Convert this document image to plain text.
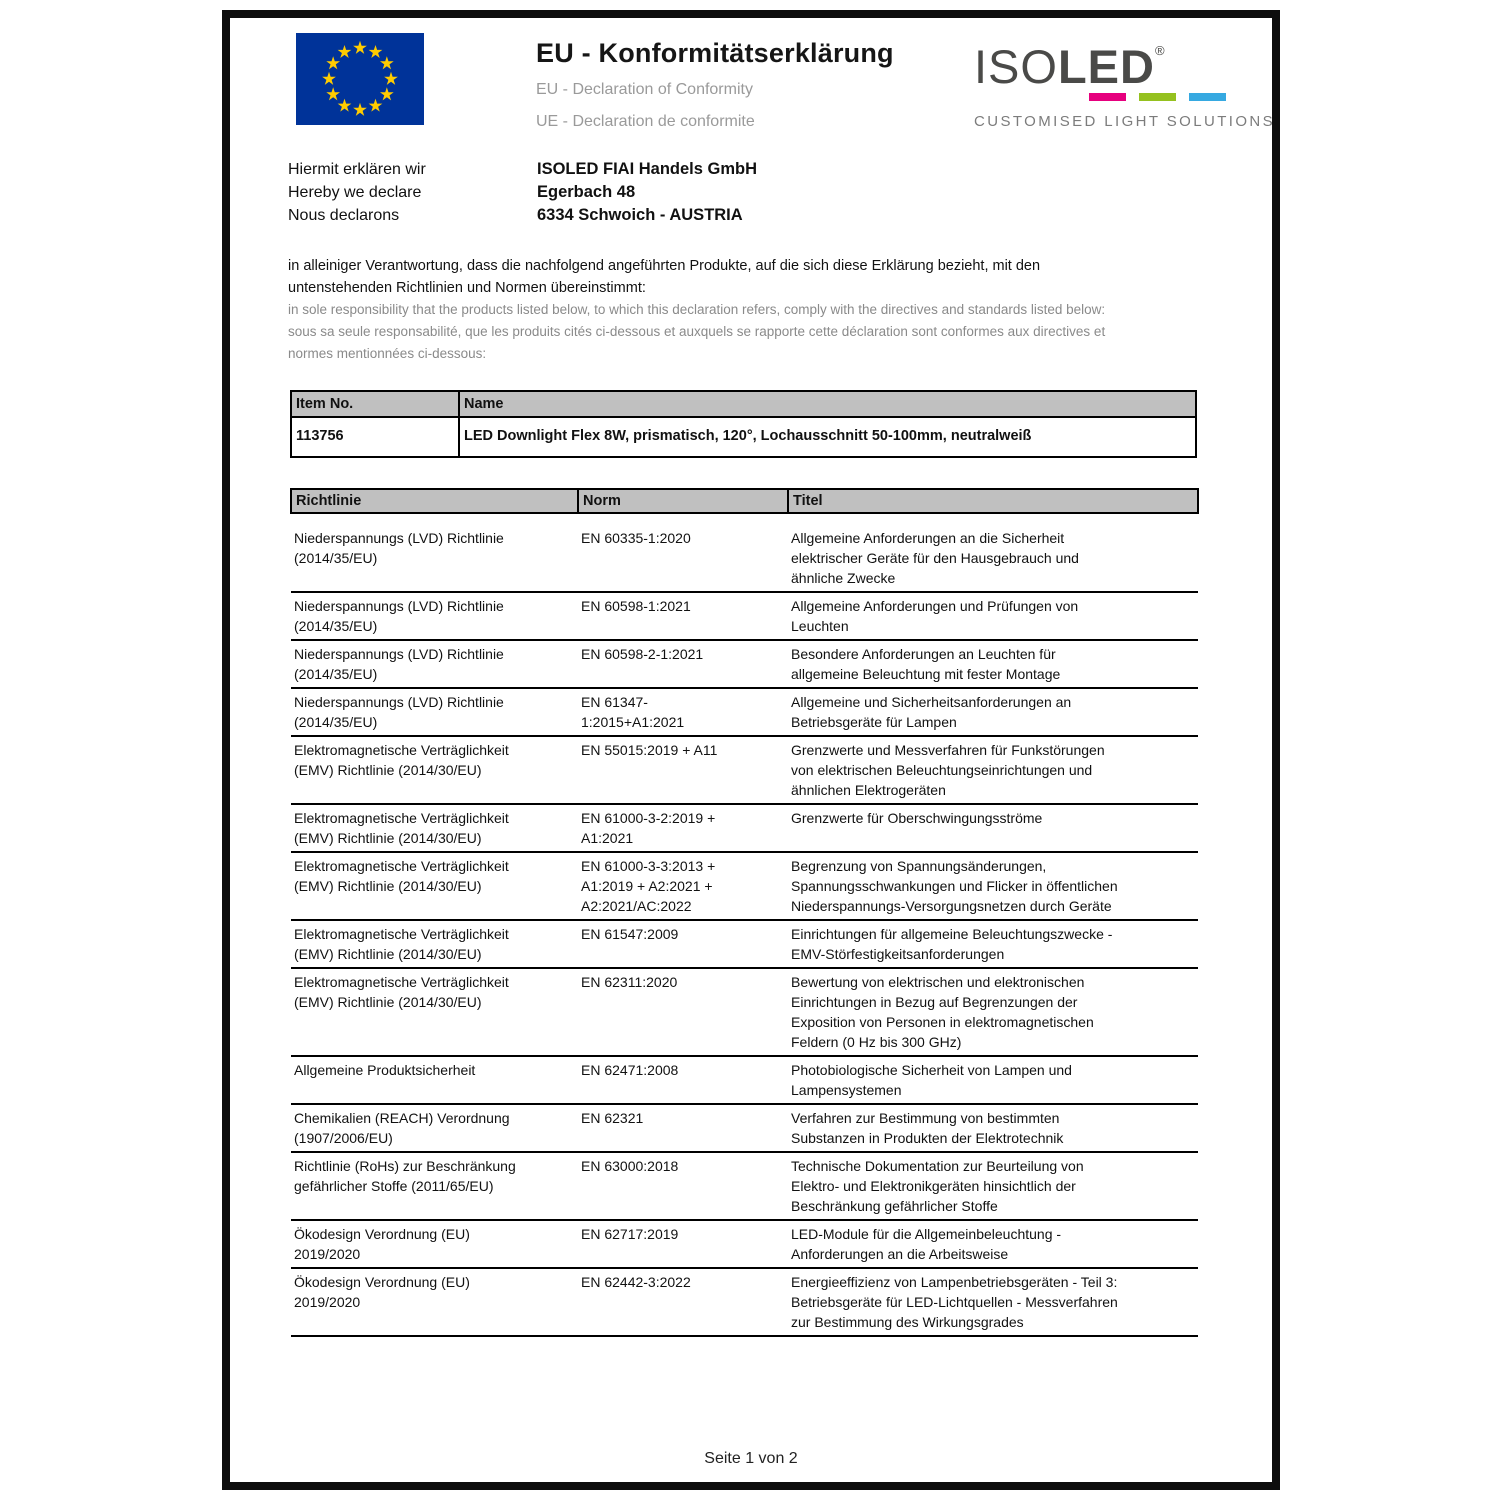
EU - Konformitätserklärung
EU - Declaration of Conformity
UE - Declaration de conformite
ISOLED®
CUSTOMISED LIGHT SOLUTIONS
Hiermit erklären wir
Hereby we declare
Nous declarons
ISOLED FIAI Handels GmbH
Egerbach 48
6334 Schwoich - AUSTRIA

in alleiniger Verantwortung, dass die nachfolgend angeführten Produkte, auf die sich diese Erklärung bezieht, mit den untenstehenden Richtlinien und Normen übereinstimmt:

in sole responsibility that the products listed below, to which this declaration refers, comply with the directives and standards listed below:

sous sa seule responsabilité, que les produits cités ci-dessous et auxquels se rapporte cette déclaration sont conformes aux directives et normes mentionnées ci-dessous:

Item No.	Name
113756	LED Downlight Flex 8W, prismatisch, 120°, Lochausschnitt 50-100mm, neutralweiß
Richtlinie	Norm	Titel
Niederspannungs (LVD) Richtlinie (2014/35/EU)	EN 60335-1:2020	Allgemeine Anforderungen an die Sicherheit elektrischer Geräte für den Hausgebrauch und ähnliche Zwecke
Niederspannungs (LVD) Richtlinie (2014/35/EU)	EN 60598-1:2021	Allgemeine Anforderungen und Prüfungen von Leuchten
Niederspannungs (LVD) Richtlinie (2014/35/EU)	EN 60598-2-1:2021	Besondere Anforderungen an Leuchten für allgemeine Beleuchtung mit fester Montage
Niederspannungs (LVD) Richtlinie (2014/35/EU)	EN 61347-1:2015+A1:2021	Allgemeine und Sicherheitsanforderungen an Betriebsgeräte für Lampen
Elektromagnetische Verträglichkeit (EMV) Richtlinie (2014/30/EU)	EN 55015:2019 + A11	Grenzwerte und Messverfahren für Funkstörungen von elektrischen Beleuchtungseinrichtungen und ähnlichen Elektrogeräten
Elektromagnetische Verträglichkeit (EMV) Richtlinie (2014/30/EU)	EN 61000-3-2:2019 + A1:2021	Grenzwerte für Oberschwingungsströme
Elektromagnetische Verträglichkeit (EMV) Richtlinie (2014/30/EU)	EN 61000-3-3:2013 + A1:2019 + A2:2021 + A2:2021/AC:2022	Begrenzung von Spannungsänderungen, Spannungsschwankungen und Flicker in öffentlichen Niederspannungs-Versorgungsnetzen durch Geräte
Elektromagnetische Verträglichkeit (EMV) Richtlinie (2014/30/EU)	EN 61547:2009	Einrichtungen für allgemeine Beleuchtungszwecke - EMV-Störfestigkeitsanforderungen
Elektromagnetische Verträglichkeit (EMV) Richtlinie (2014/30/EU)	EN 62311:2020	Bewertung von elektrischen und elektronischen Einrichtungen in Bezug auf Begrenzungen der Exposition von Personen in elektromagnetischen Feldern (0 Hz bis 300 GHz)
Allgemeine Produktsicherheit	EN 62471:2008	Photobiologische Sicherheit von Lampen und Lampensystemen
Chemikalien (REACH) Verordnung (1907/2006/EU)	EN 62321	Verfahren zur Bestimmung von bestimmten Substanzen in Produkten der Elektrotechnik
Richtlinie (RoHs) zur Beschränkung gefährlicher Stoffe (2011/65/EU)	EN 63000:2018	Technische Dokumentation zur Beurteilung von Elektro- und Elektronikgeräten hinsichtlich der Beschränkung gefährlicher Stoffe
Ökodesign Verordnung (EU) 2019/2020	EN 62717:2019	LED-Module für die Allgemeinbeleuchtung - Anforderungen an die Arbeitsweise
Ökodesign Verordnung (EU) 2019/2020	EN 62442-3:2022	Energieeffizienz von Lampenbetriebsgeräten - Teil 3: Betriebsgeräte für LED-Lichtquellen - Messverfahren zur Bestimmung des Wirkungsgrades
Seite 1 von 2
